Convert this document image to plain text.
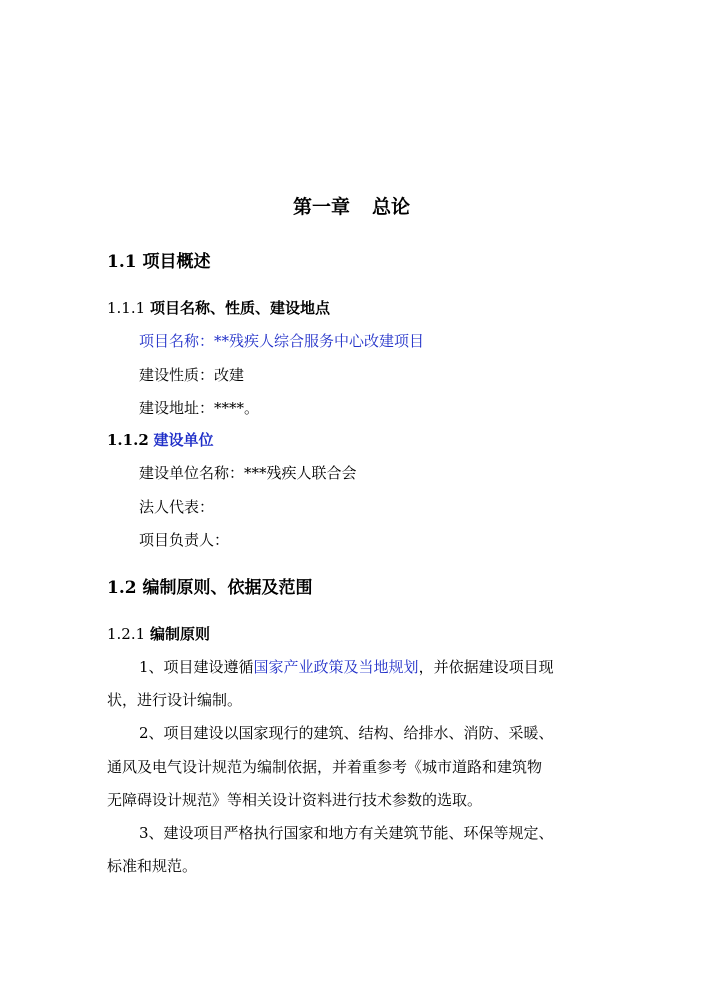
第一章 总论
1.1 项目概述
1.1.1 项目名称、性质、建设地点
项目名称：**残疾人综合服务中心改建项目
建设性质：改建
建设地址：****。
1.1.2 建设单位
建设单位名称：***残疾人联合会
法人代表：
项目负责人：
1.2 编制原则、依据及范围
1.2.1 编制原则
1、项目建设遵循国家产业政策及当地规划，并依据建设项目现
状，进行设计编制。
2、项目建设以国家现行的建筑、结构、给排水、消防、采暖、
通风及电气设计规范为编制依据，并着重参考《城市道路和建筑物
无障碍设计规范》等相关设计资料进行技术参数的选取。
3、建设项目严格执行国家和地方有关建筑节能、环保等规定、
标准和规范。
